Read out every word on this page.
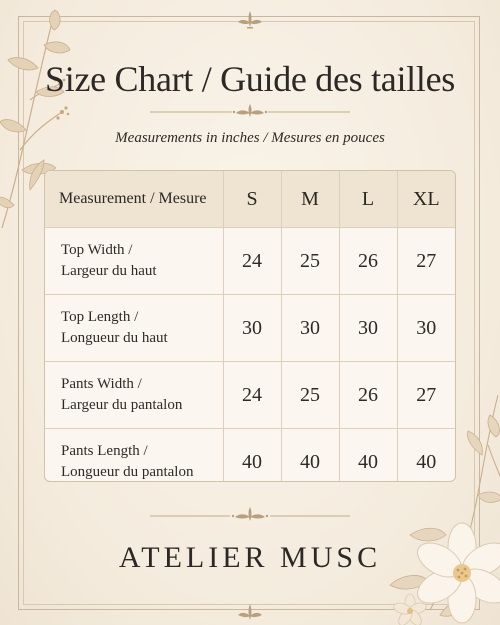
Size Chart / Guide des tailles
Measurements in inches / Mesures en pouces
Measurement / Mesure	S	M	L	XL

Top Width /
Largeur du haut	24	25	26	27

Top Length /
Longueur du haut	30	30	30	30

Pants Width /
Largeur du pantalon	24	25	26	27

Pants Length /
Longueur du pantalon	40	40	40	40
ATELIER MUSC
